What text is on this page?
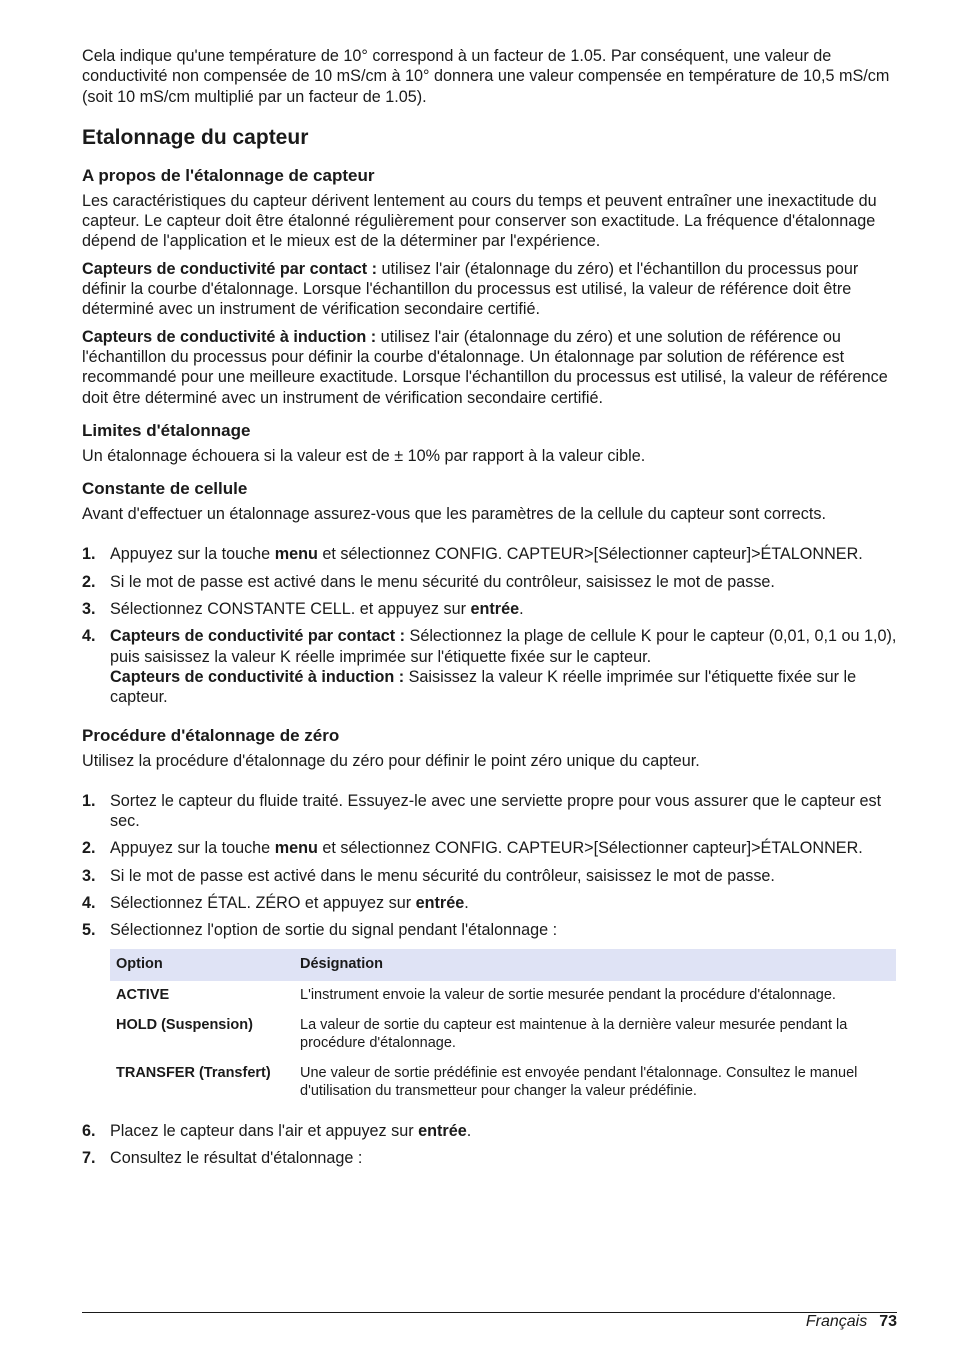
Cela indique qu'une température de 10° correspond à un facteur de 1.05. Par conséquent, une valeur de conductivité non compensée de 10 mS/cm à 10° donnera une valeur compensée en température de 10,5 mS/cm (soit 10 mS/cm multiplié par un facteur de 1.05).

Etalonnage du capteur
A propos de l'étalonnage de capteur

Les caractéristiques du capteur dérivent lentement au cours du temps et peuvent entraîner une inexactitude du capteur. Le capteur doit être étalonné régulièrement pour conserver son exactitude. La fréquence d'étalonnage dépend de l'application et le mieux est de la déterminer par l'expérience.

Capteurs de conductivité par contact : utilisez l'air (étalonnage du zéro) et l'échantillon du processus pour définir la courbe d'étalonnage. Lorsque l'échantillon du processus est utilisé, la valeur de référence doit être déterminé avec un instrument de vérification secondaire certifié.

Capteurs de conductivité à induction : utilisez l'air (étalonnage du zéro) et une solution de référence ou l'échantillon du processus pour définir la courbe d'étalonnage. Un étalonnage par solution de référence est recommandé pour une meilleure exactitude. Lorsque l'échantillon du processus est utilisé, la valeur de référence doit être déterminé avec un instrument de vérification secondaire certifié.

Limites d'étalonnage

Un étalonnage échouera si la valeur est de ± 10% par rapport à la valeur cible.

Constante de cellule

Avant d'effectuer un étalonnage assurez-vous que les paramètres de la cellule du capteur sont corrects.

1. Appuyez sur la touche menu et sélectionnez CONFIG. CAPTEUR>[Sélectionner capteur]>ÉTALONNER.
2. Si le mot de passe est activé dans le menu sécurité du contrôleur, saisissez le mot de passe.
3. Sélectionnez CONSTANTE CELL. et appuyez sur entrée.
4. Capteurs de conductivité par contact : Sélectionnez la plage de cellule K pour le capteur (0,01, 0,1 ou 1,0), puis saisissez la valeur K réelle imprimée sur l'étiquette fixée sur le capteur.
Capteurs de conductivité à induction : Saisissez la valeur K réelle imprimée sur l'étiquette fixée sur le capteur.
Procédure d'étalonnage de zéro

Utilisez la procédure d'étalonnage du zéro pour définir le point zéro unique du capteur.

1. Sortez le capteur du fluide traité. Essuyez-le avec une serviette propre pour vous assurer que le capteur est sec.
2. Appuyez sur la touche menu et sélectionnez CONFIG. CAPTEUR>[Sélectionner capteur]>ÉTALONNER.
3. Si le mot de passe est activé dans le menu sécurité du contrôleur, saisissez le mot de passe.
4. Sélectionnez ÉTAL. ZÉRO et appuyez sur entrée.
5. Sélectionnez l'option de sortie du signal pendant l'étalonnage :
Option	Désignation
ACTIVE	L'instrument envoie la valeur de sortie mesurée pendant la procédure d'étalonnage.
HOLD (Suspension)	La valeur de sortie du capteur est maintenue à la dernière valeur mesurée pendant la procédure d'étalonnage.
TRANSFER (Transfert)	Une valeur de sortie prédéfinie est envoyée pendant l'étalonnage. Consultez le manuel d'utilisation du transmetteur pour changer la valeur prédéfinie.
6. Placez le capteur dans l'air et appuyez sur entrée.
7. Consultez le résultat d'étalonnage :
Français 73
